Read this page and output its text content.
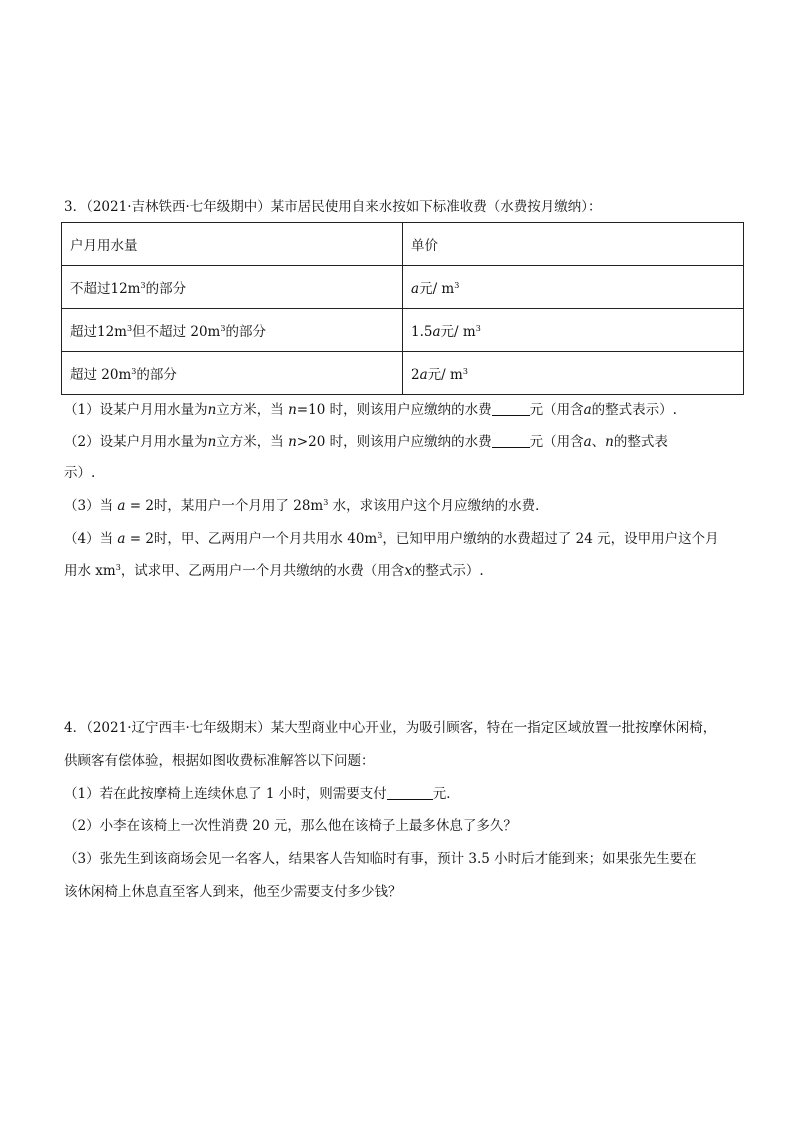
3．（2021·吉林铁西·七年级期中）某市居民使用自来水按如下标准收费（水费按月缴纳）：
户月用水量	单价
不超过$12m^3$的部分	a元/ $m^3$
超过$12m^3$但不超过 $20m^3$的部分	1.5a元/ $m^3$
超过 $20m^3$的部分	2a元/ $m^3$
（1）设某户月用水量为n立方米，当 n=10 时，则该用户应缴纳的水费	元（用含a的整式表示）.
（2）设某户月用水量为n立方米，当 n>20 时，则该用户应缴纳的水费	元（用含a、n的整式表
示）.
（3）当 a = 2时，某用户一个月用了 $28m^3$ 水，求该用户这个月应缴纳的水费．
（4）当 a = 2时，甲、乙两用户一个月共用水 $40m^3$，已知甲用户缴纳的水费超过了 24 元，设甲用户这个月
用水 $xm^3$，试求甲、乙两用户一个月共缴纳的水费（用含x的整式示）.
4．（2021·辽宁西丰·七年级期末）某大型商业中心开业，为吸引顾客，特在一指定区域放置一批按摩休闲椅，
供顾客有偿体验，根据如图收费标准解答以下问题：
（1）若在此按摩椅上连续休息了 1 小时，则需要支付	元．
（2）小李在该椅上一次性消费 20 元，那么他在该椅子上最多休息了多久？
（3）张先生到该商场会见一名客人，结果客人告知临时有事，预计 3.5 小时后才能到来；如果张先生要在
该休闲椅上休息直至客人到来，他至少需要支付多少钱？
